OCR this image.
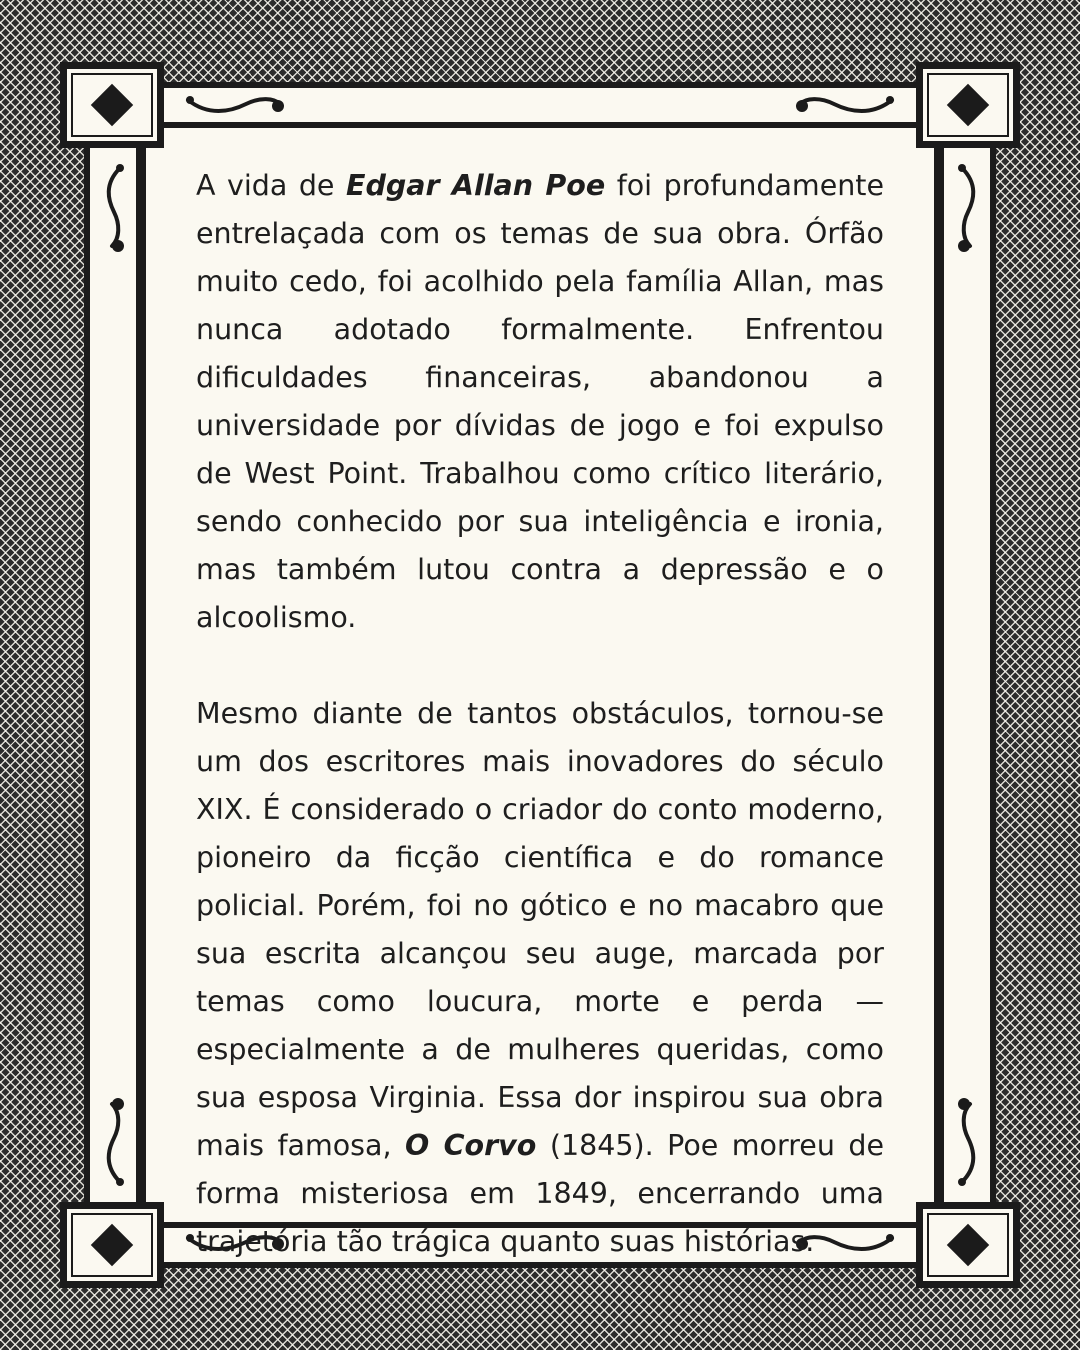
A vida de Edgar Allan Poe foi profundamente entrelaçada com os temas de sua obra. Órfão muito cedo, foi acolhido pela família Allan, mas nunca adotado formalmente. Enfrentou dificuldades financeiras, abandonou a universidade por dívidas de jogo e foi expulso de West Point. Trabalhou como crítico literário, sendo conhecido por sua inteligência e ironia, mas também lutou contra a depressão e o alcoolismo.

Mesmo diante de tantos obstáculos, tornou-se um dos escritores mais inovadores do século XIX. É considerado o criador do conto moderno, pioneiro da ficção científica e do romance policial. Porém, foi no gótico e no macabro que sua escrita alcançou seu auge, marcada por temas como loucura, morte e perda — especialmente a de mulheres queridas, como sua esposa Virginia. Essa dor inspirou sua obra mais famosa, O Corvo (1845). Poe morreu de forma misteriosa em 1849, encerrando uma trajetória tão trágica quanto suas histórias.
